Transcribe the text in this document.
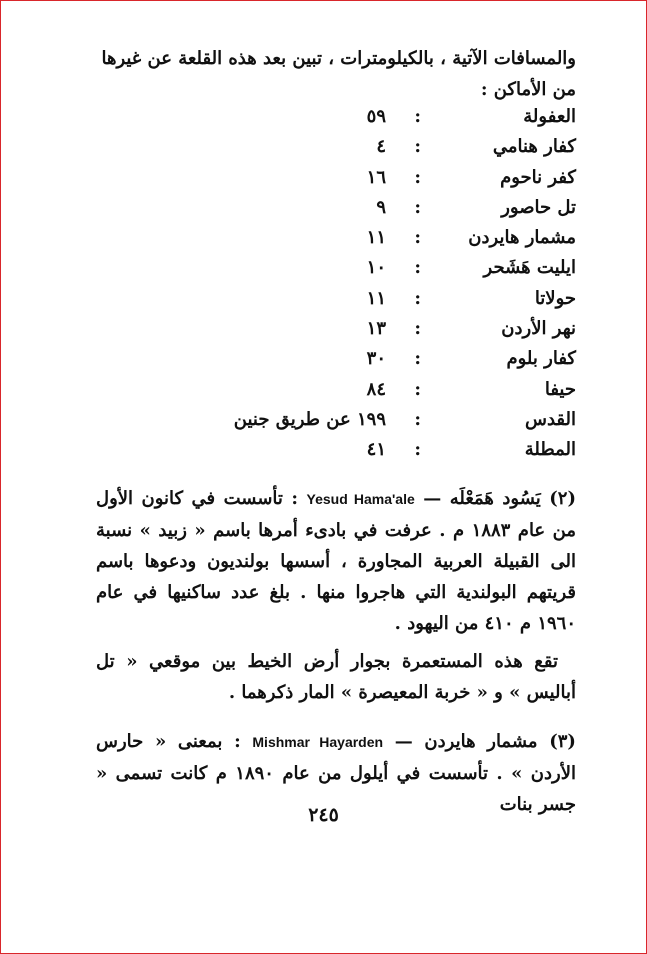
والمسافات الآتية ، بالكيلومترات ، تبين بعد هذه القلعة عن غيرها من الأماكن :
العفولة
:
٥٩
كفار هنامي
:
٤
كفر ناحوم
:
١٦
تل حاصور
:
٩
مشمار هايردن
:
١١
ايليت هَشَحر
:
١٠
حولاتا
:
١١
نهر الأردن
:
١٣
كفار بلوم
:
٣٠
حيفا
:
٨٤
القدس
:
١٩٩ عن طريق جنين
المطلة
:
٤١
(٢) يَسُود هَمَعْلَه — Yesud Hama'ale : تأسست في كانون الأول من عام ١٨٨٣ م . عرفت في بادىء أمرها باسم « زبيد » نسبة الى القبيلة العربية المجاورة ، أسسها بولنديون ودعوها باسم قريتهم البولندية التي هاجروا منها . بلغ عدد ساكنيها في عام ١٩٦٠ م ٤١٠ من اليهود .
تقع هذه المستعمرة بجوار أرض الخيط بين موقعي « تل أباليس » و « خربة المعيصرة » المار ذكرهما .
(٣) مشمار هايردن — Mishmar Hayarden : بمعنى « حارس الأردن » . تأسست في أيلول من عام ١٨٩٠ م كانت تسمى « جسر بنات
٢٤٥
